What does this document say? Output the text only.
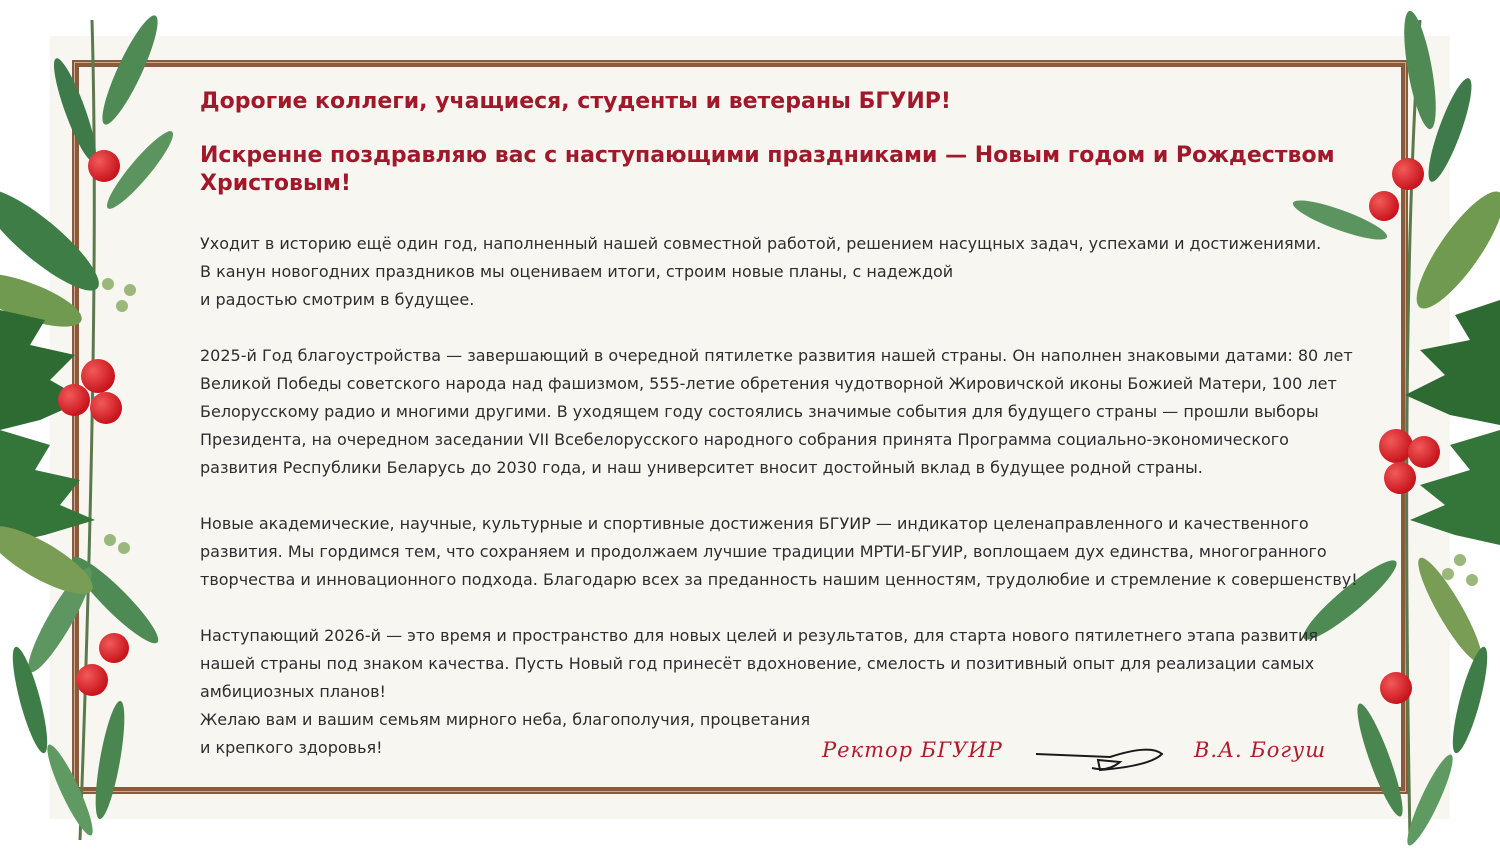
Дорогие коллеги, учащиеся, студенты и ветераны БГУИР!
Искренне поздравляю вас с наступающими праздниками — Новым годом и Рождеством Христовым!

Уходит в историю ещё один год, наполненный нашей совместной работой, решением насущных задач, успехами и достижениями.
В канун новогодних праздников мы оцениваем итоги, строим новые планы, с надеждой
и радостью смотрим в будущее.

2025-й Год благоустройства — завершающий в очередной пятилетке развития нашей страны. Он наполнен знаковыми датами: 80 лет
Великой Победы советского народа над фашизмом, 555-летие обретения чудотворной Жировичской иконы Божией Матери, 100 лет
Белорусскому радио и многими другими. В уходящем году состоялись значимые события для будущего страны — прошли выборы
Президента, на очередном заседании VII Всебелорусского народного собрания принята Программа социально-экономического
развития Республики Беларусь до 2030 года, и наш университет вносит достойный вклад в будущее родной страны.

Новые академические, научные, культурные и спортивные достижения БГУИР — индикатор целенаправленного и качественного
развития. Мы гордимся тем, что сохраняем и продолжаем лучшие традиции МРТИ-БГУИР, воплощаем дух единства, многогранного
творчества и инновационного подхода. Благодарю всех за преданность нашим ценностям, трудолюбие и стремление к совершенству!

Наступающий 2026-й — это время и пространство для новых целей и результатов, для старта нового пятилетнего этапа развития
нашей страны под знаком качества. Пусть Новый год принесёт вдохновение, смелость и позитивный опыт для реализации самых
амбициозных планов!
Желаю вам и вашим семьям мирного неба, благополучия, процветания
и крепкого здоровья!	Ректор БГУИР	В.А. Богуш
